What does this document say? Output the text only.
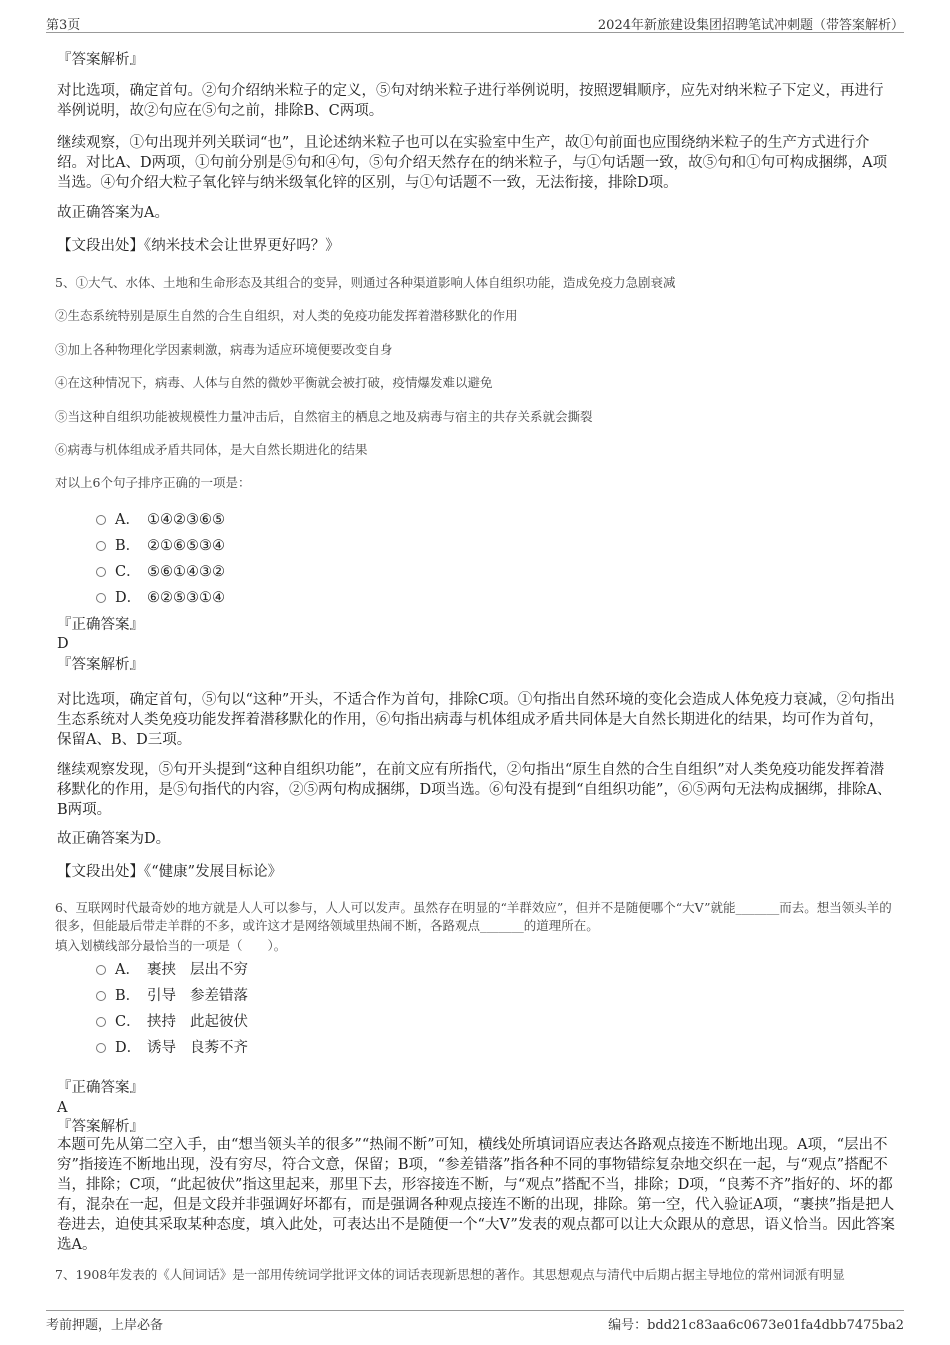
第3页	2024年新旅建设集团招聘笔试冲刺题（带答案解析）
『答案解析』
对比选项，确定首句。②句介绍纳米粒子的定义，⑤句对纳米粒子进行举例说明，按照逻辑顺序，应先对纳米粒子下定义，再进行举例说明，故②句应在⑤句之前，排除B、C两项。
继续观察，①句出现并列关联词“也”，且论述纳米粒子也可以在实验室中生产，故①句前面也应围绕纳米粒子的生产方式进行介绍。对比A、D两项，①句前分别是⑤句和④句，⑤句介绍天然存在的纳米粒子，与①句话题一致，故⑤句和①句可构成捆绑，A项当选。④句介绍大粒子氧化锌与纳米级氧化锌的区别，与①句话题不一致，无法衔接，排除D项。
故正确答案为A。
【文段出处】《纳米技术会让世界更好吗？》
5、①大气、水体、土地和生命形态及其组合的变异，则通过各种渠道影响人体自组织功能，造成免疫力急剧衰减
②生态系统特别是原生自然的合生自组织，对人类的免疫功能发挥着潜移默化的作用
③加上各种物理化学因素刺激，病毒为适应环境便要改变自身
④在这种情况下，病毒、人体与自然的微妙平衡就会被打破，疫情爆发难以避免
⑤当这种自组织功能被规模性力量冲击后，自然宿主的栖息之地及病毒与宿主的共存关系就会撕裂
⑥病毒与机体组成矛盾共同体，是大自然长期进化的结果
对以上6个句子排序正确的一项是：
A． ①④②③⑥⑤
B． ②①⑥⑤③④
C． ⑤⑥①④③②
D． ⑥②⑤③①④
『正确答案』
D
『答案解析』
对比选项，确定首句，⑤句以“这种”开头，不适合作为首句，排除C项。①句指出自然环境的变化会造成人体免疫力衰减，②句指出生态系统对人类免疫功能发挥着潜移默化的作用，⑥句指出病毒与机体组成矛盾共同体是大自然长期进化的结果，均可作为首句，保留A、B、D三项。
继续观察发现，⑤句开头提到“这种自组织功能”，在前文应有所指代，②句指出“原生自然的合生自组织”对人类免疫功能发挥着潜移默化的作用，是⑤句指代的内容，②⑤两句构成捆绑，D项当选。⑥句没有提到“自组织功能”，⑥⑤两句无法构成捆绑，排除A、B两项。
故正确答案为D。
【文段出处】《“健康”发展目标论》
6、互联网时代最奇妙的地方就是人人可以参与，人人可以发声。虽然存在明显的“羊群效应”，但并不是随便哪个“大V”就能_______而去。想当领头羊的很多，但能最后带走羊群的不多，或许这才是网络领域里热闹不断，各路观点_______的道理所在。
填入划横线部分最恰当的一项是（　　）。
A． 裹挟 层出不穷
B． 引导 参差错落
C． 挟持 此起彼伏
D． 诱导 良莠不齐
『正确答案』
A
『答案解析』
本题可先从第二空入手，由“想当领头羊的很多”“热闹不断”可知，横线处所填词语应表达各路观点接连不断地出现。A项，“层出不穷”指接连不断地出现，没有穷尽，符合文意，保留；B项，“参差错落”指各种不同的事物错综复杂地交织在一起，与“观点”搭配不当，排除；C项，“此起彼伏”指这里起来，那里下去，形容接连不断，与“观点”搭配不当，排除；D项，“良莠不齐”指好的、坏的都有，混杂在一起，但是文段并非强调好坏都有，而是强调各种观点接连不断的出现，排除。第一空，代入验证A项，“裹挟”指是把人卷进去，迫使其采取某种态度，填入此处，可表达出不是随便一个“大V”发表的观点都可以让大众跟从的意思，语义恰当。因此答案选A。
7、1908年发表的《人间词话》是一部用传统词学批评文体的词话表现新思想的著作。其思想观点与清代中后期占据主导地位的常州词派有明显
考前押题，上岸必备	编号：bdd21c83aa6c0673e01fa4dbb7475ba2
